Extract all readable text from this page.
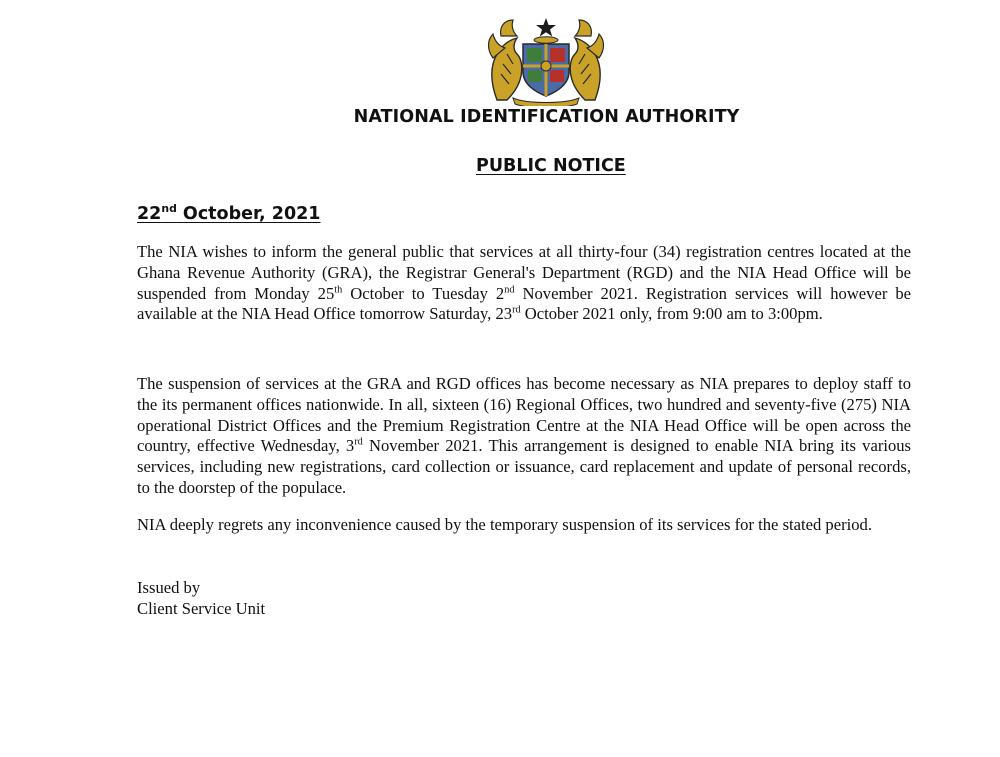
NATIONAL IDENTIFICATION AUTHORITY
PUBLIC NOTICE
22nd October, 2021

The NIA wishes to inform the general public that services at all thirty-four (34) registration centres located at the Ghana Revenue Authority (GRA), the Registrar General's Department (RGD) and the NIA Head Office will be suspended from Monday 25th October to Tuesday 2nd November 2021. Registration services will however be available at the NIA Head Office tomorrow Saturday, 23rd October 2021 only, from 9:00 am to 3:00pm.

The suspension of services at the GRA and RGD offices has become necessary as NIA prepares to deploy staff to the its permanent offices nationwide. In all, sixteen (16) Regional Offices, two hundred and seventy-five (275) NIA operational District Offices and the Premium Registration Centre at the NIA Head Office will be open across the country, effective Wednesday, 3rd November 2021. This arrangement is designed to enable NIA bring its various services, including new registrations, card collection or issuance, card replacement and update of personal records, to the doorstep of the populace.

NIA deeply regrets any inconvenience caused by the temporary suspension of its services for the stated period.

Issued by
Client Service Unit
